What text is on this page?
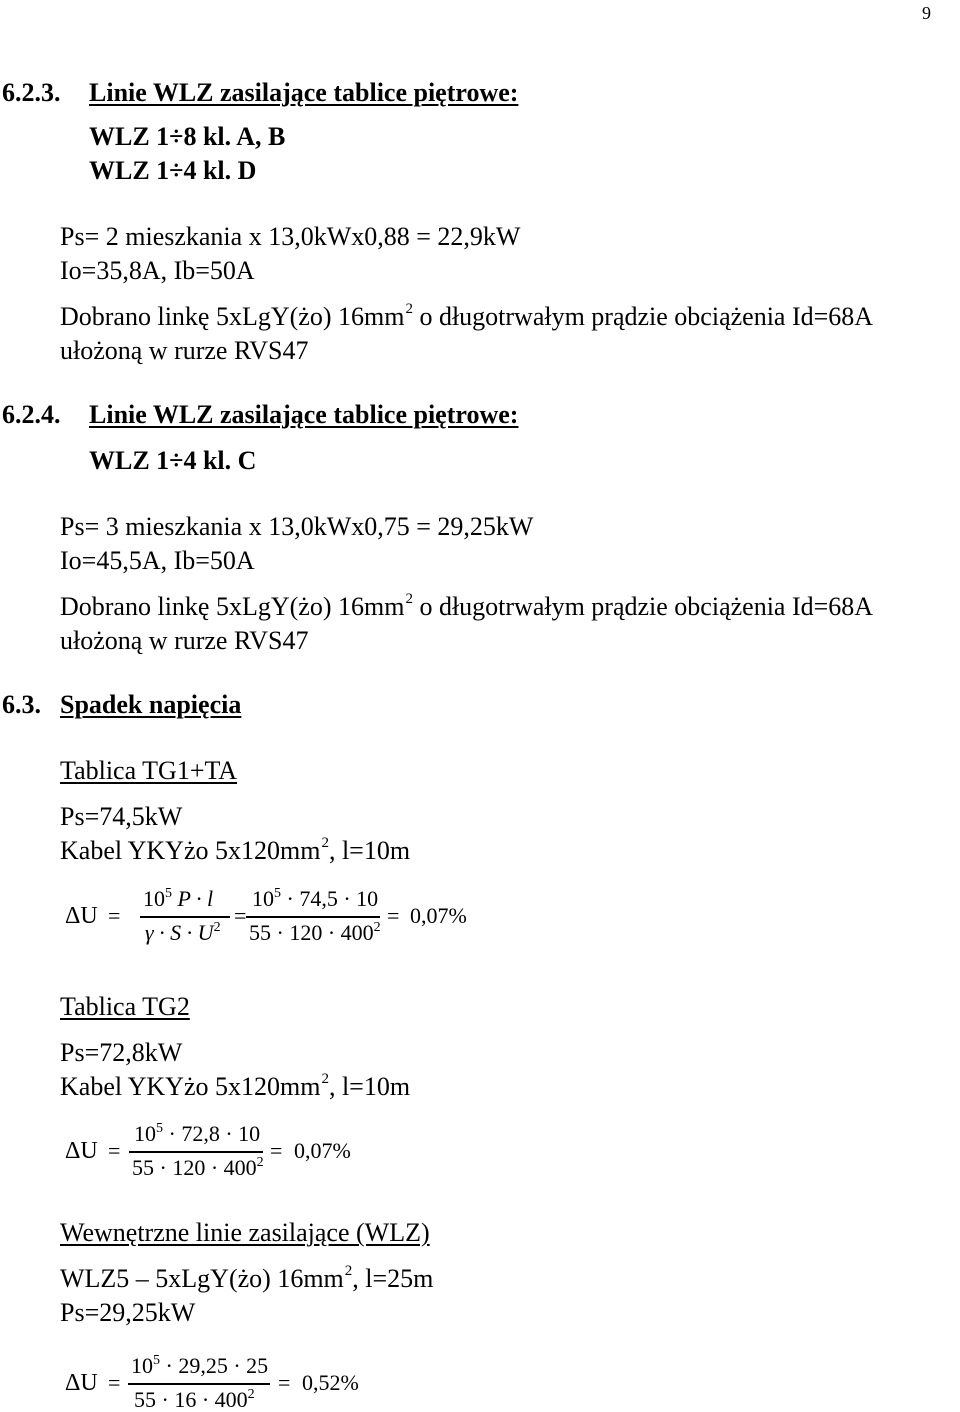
9
6.2.3. Linie WLZ zasilające tablice piętrowe:
WLZ 1÷8 kl. A, B
WLZ 1÷4 kl. D
Ps= 2 mieszkania x 13,0kWx0,88 = 22,9kW
Io=35,8A, Ib=50A
Dobrano linkę 5xLgY(żo) $16mm^2$ o długotrwałym prądzie obciążenia Id=68A
ułożoną w rurze RVS47
6.2.4. Linie WLZ zasilające tablice piętrowe:
WLZ 1÷4 kl. C
Ps= 3 mieszkania x 13,0kWx0,75 = 29,25kW
Io=45,5A, Ib=50A
Dobrano linkę 5xLgY(żo) $16mm^2$ o długotrwałym prądzie obciążenia Id=68A
ułożoną w rurze RVS47
6.3. Spadek napięcia
Tablica TG1+TA
Ps=74,5kW
Kabel YKYżo $5x120mm^2$, l=10m
ΔU =
$10^5$ P · l
$\gamma \cdot S \cdot U^2$ =
$10^5 \cdot 74,5 \cdot 10$
$55 \cdot 120 \cdot 400^2 = 0,07\%$
Tablica TG2
Ps=72,8kW
Kabel YKYżo $5x120mm^2$, l=10m
ΔU =
$10^5 \cdot 72,8 \cdot 10$
$55 \cdot 120 \cdot 400^2 = 0,07\%$
Wewnętrzne linie zasilające (WLZ)
WLZ5 – 5xLgY(żo) $16mm^2$, l=25m
Ps=29,25kW
ΔU =
$10^5 \cdot 29,25 \cdot 25$
$55 \cdot 16 \cdot 400^2 = 0,52\%$
